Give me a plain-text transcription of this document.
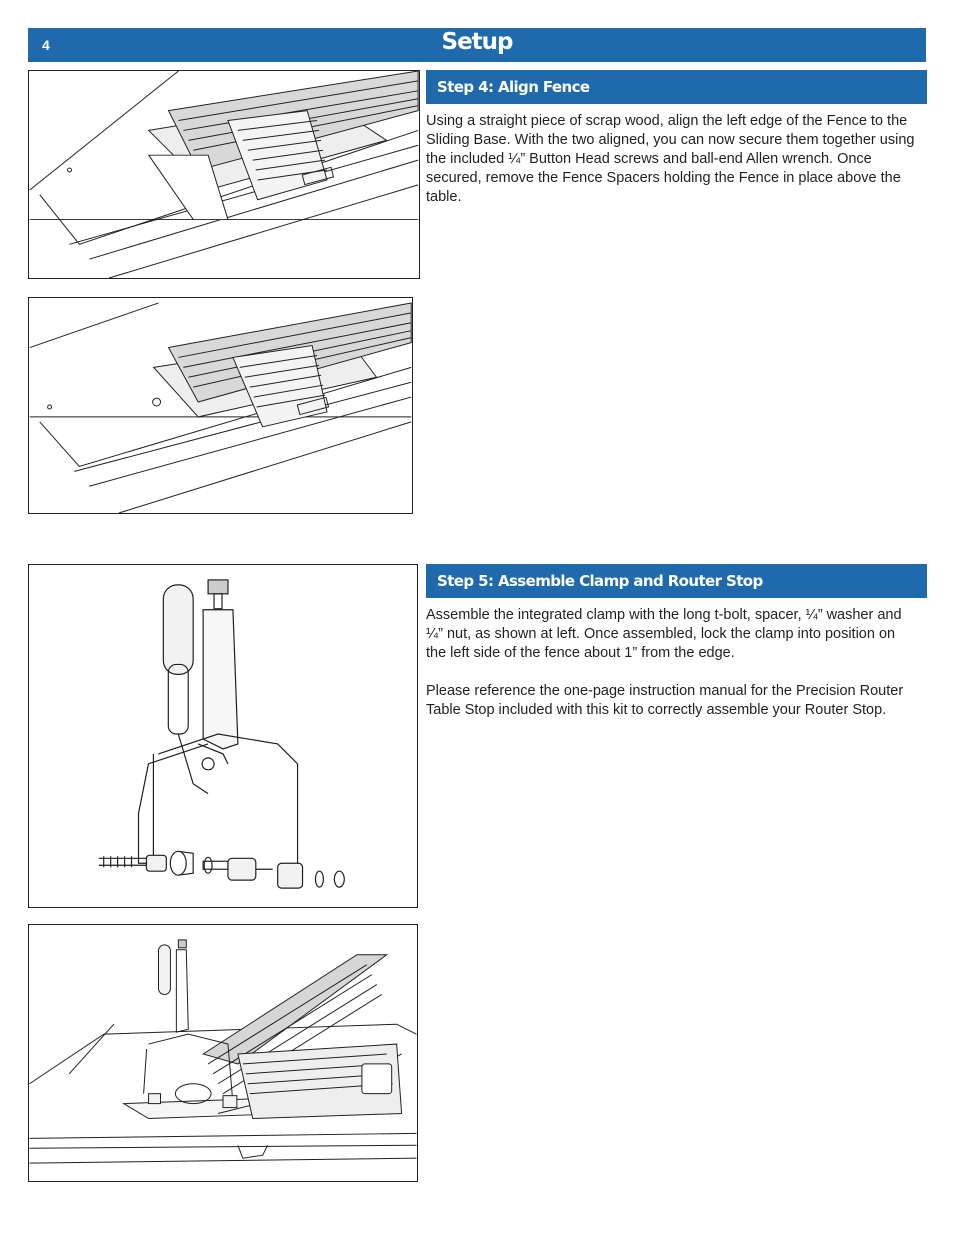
4	Setup
Step 4: Align Fence

Using a straight piece of scrap wood, align the left edge of the Fence to the Sliding Base. With the two aligned, you can now secure them together using the included ¼” Button Head screws and ball-end Allen wrench. Once secured, remove the Fence Spacers holding the Fence in place above the table.

Step 5: Assemble Clamp and Router Stop

Assemble the integrated clamp with the long t-bolt, spacer, ¼” washer and ¼” nut, as shown at left. Once assembled, lock the clamp into position on the left side of the fence about 1” from the edge.

Please reference the one-page instruction manual for the Precision Router Table Stop included with this kit to correctly assemble your Router Stop.
